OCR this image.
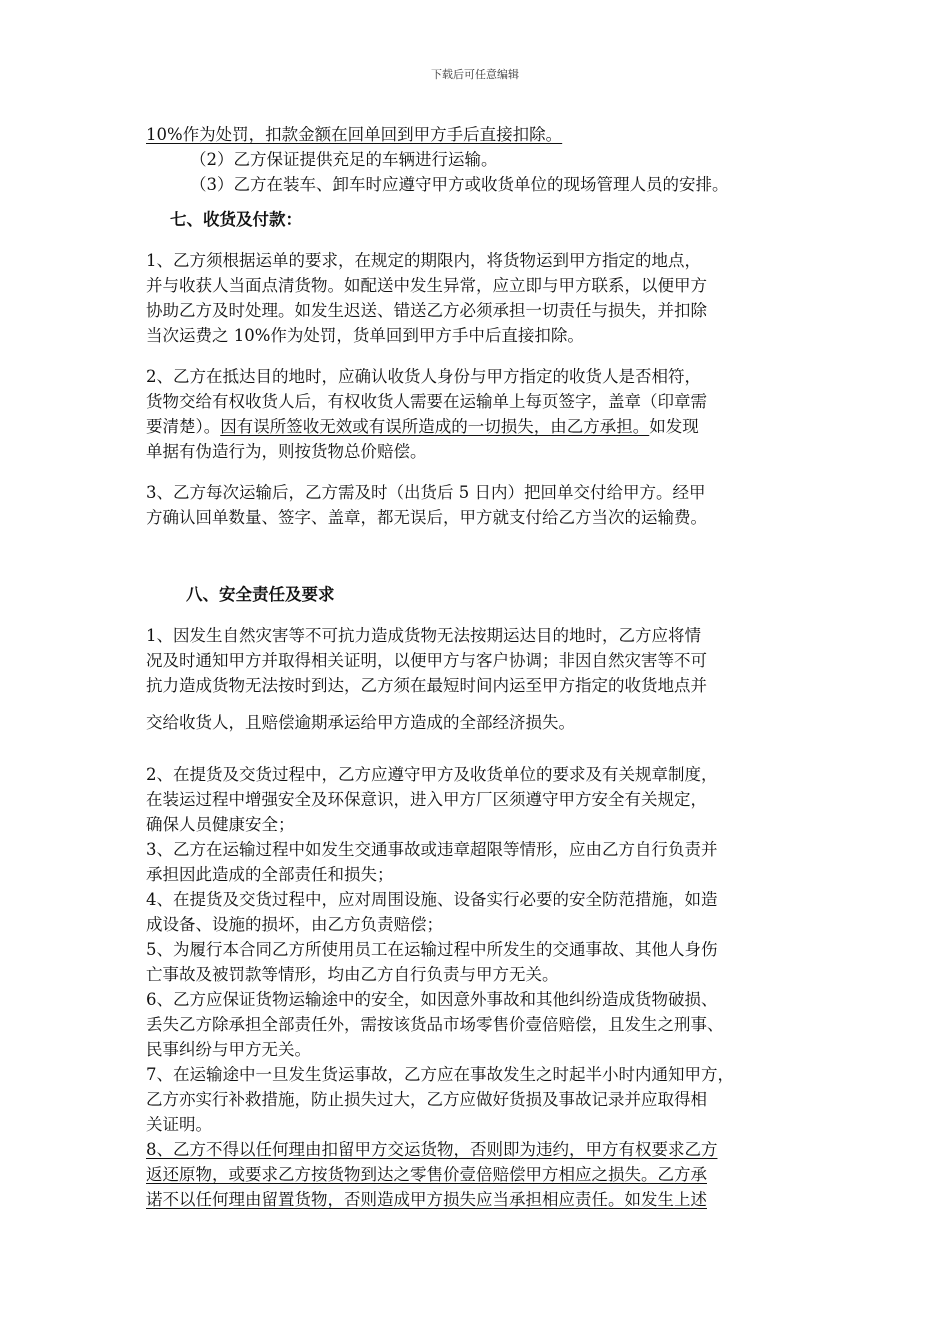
下载后可任意编辑
10%作为处罚，扣款金额在回单回到甲方手后直接扣除。
（2）乙方保证提供充足的车辆进行运输。
（3）乙方在装车、卸车时应遵守甲方或收货单位的现场管理人员的安排。
七、收货及付款：
1、乙方须根据运单的要求，在规定的期限内，将货物运到甲方指定的地点，
并与收获人当面点清货物。如配送中发生异常，应立即与甲方联系，以便甲方
协助乙方及时处理。如发生迟送、错送乙方必须承担一切责任与损失，并扣除
当次运费之 10%作为处罚，货单回到甲方手中后直接扣除。
2、乙方在抵达目的地时，应确认收货人身份与甲方指定的收货人是否相符，
货物交给有权收货人后，有权收货人需要在运输单上每页签字，盖章（印章需
要清楚）。因有误所签收无效或有误所造成的一切损失，由乙方承担。如发现
单据有伪造行为，则按货物总价赔偿。
3、乙方每次运输后，乙方需及时（出货后 5 日内）把回单交付给甲方。经甲
方确认回单数量、签字、盖章，都无误后，甲方就支付给乙方当次的运输费。
八、安全责任及要求
1、因发生自然灾害等不可抗力造成货物无法按期运达目的地时，乙方应将情
况及时通知甲方并取得相关证明，以便甲方与客户协调；非因自然灾害等不可
抗力造成货物无法按时到达，乙方须在最短时间内运至甲方指定的收货地点并
交给收货人，且赔偿逾期承运给甲方造成的全部经济损失。
2、在提货及交货过程中，乙方应遵守甲方及收货单位的要求及有关规章制度，
在装运过程中增强安全及环保意识，进入甲方厂区须遵守甲方安全有关规定，
确保人员健康安全；
3、乙方在运输过程中如发生交通事故或违章超限等情形，应由乙方自行负责并
承担因此造成的全部责任和损失；
4、在提货及交货过程中，应对周围设施、设备实行必要的安全防范措施，如造
成设备、设施的损坏，由乙方负责赔偿；
5、为履行本合同乙方所使用员工在运输过程中所发生的交通事故、其他人身伤
亡事故及被罚款等情形，均由乙方自行负责与甲方无关。
6、乙方应保证货物运输途中的安全，如因意外事故和其他纠纷造成货物破损、
丢失乙方除承担全部责任外，需按该货品市场零售价壹倍赔偿，且发生之刑事、
民事纠纷与甲方无关。
7、在运输途中一旦发生货运事故，乙方应在事故发生之时起半小时内通知甲方，
乙方亦实行补救措施，防止损失过大，乙方应做好货损及事故记录并应取得相
关证明。
8、乙方不得以任何理由扣留甲方交运货物，否则即为违约，甲方有权要求乙方
返还原物，或要求乙方按货物到达之零售价壹倍赔偿甲方相应之损失。乙方承
诺不以任何理由留置货物，否则造成甲方损失应当承担相应责任。如发生上述
